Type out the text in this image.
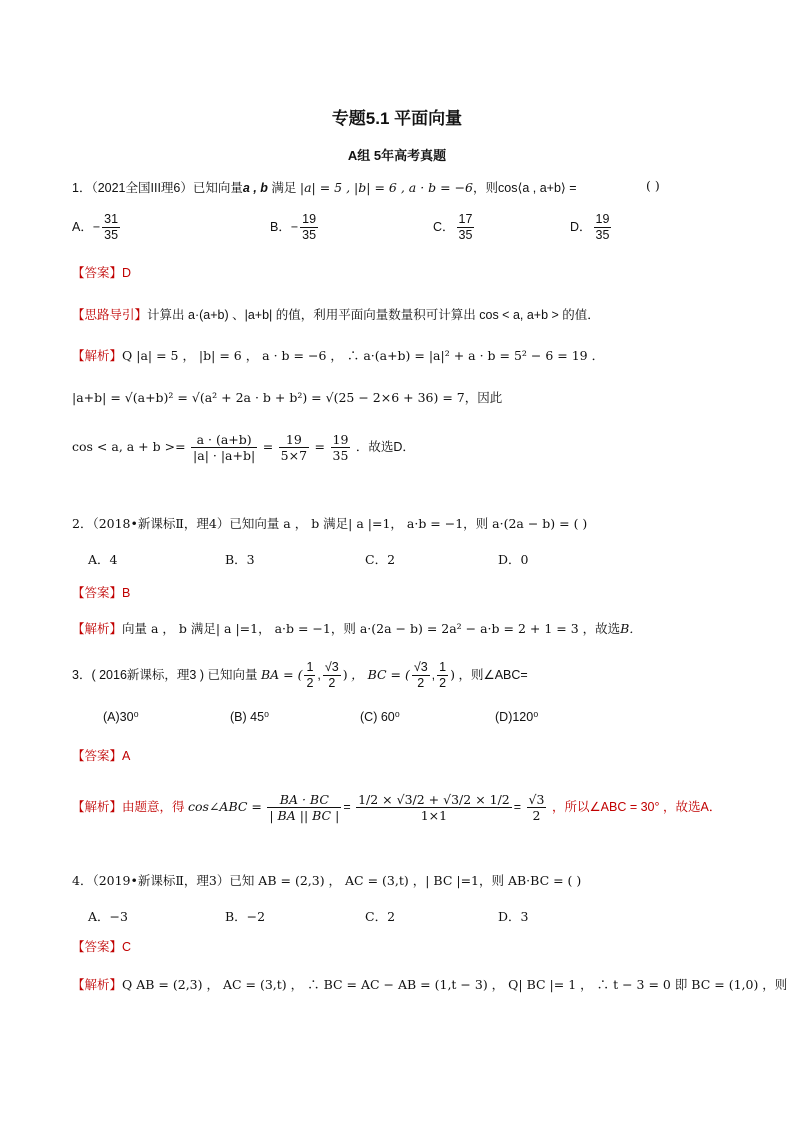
专题5.1 平面向量
A组 5年高考真题
1．（2021全国III理6）已知向量a , b 满足 |a| = 5 , |b| = 6 , a · b = −6，则cos⟨a , a+b⟩ =	( )
A．− $\frac{31}{35}$	B．− $\frac{19}{35}$	C． $\frac{17}{35}$	D． $\frac{19}{35}$
【答案】D
【思路导引】计算出 a·(a+b) 、|a+b| 的值，利用平面向量数量积可计算出 cos < a, a+b > 的值．
【解析】Q |a| = 5 ， |b| = 6 ， a · b = −6 ， ∴ a·(a+b) = |a|² + a · b = 5² − 6 = 19 ．
|a+b| = √(a+b)² = √(a² + 2a · b + b²) = √(25 − 2×6 + 36) = 7，因此
cos < a, $a + b >= \frac{a \cdot (a+b)}{|a| \cdot |a+b|} = \frac{19}{5\times 7} = \frac{19}{35}$ ．故选D．
2．（2018•新课标Ⅱ，理4）已知向量 a ， b 满足| a |=1， a·b = −1，则 a·(2a − b) = ( )
A．4	B．3	C．2	D．0
【答案】B
【解析】向量 a ， b 满足| a |=1， a·b = −1，则 a·(2a − b) = 2a² − a·b = 2 + 1 = 3 ，故选B．
3．( 2016新课标，理3 ) 已知向量 BA = ( $\frac{1}{2}$ , $\frac{√3}{2}$ ) ， BC = ( $\frac{√3}{2}$ , $\frac{1}{2}$ ) ，则∠ABC=
(A)30⁰	(B) 45⁰	(C) 60⁰	(D)120⁰
【答案】A
【解析】由题意，得 cos∠ABC = $\frac{BA \cdot BC}{| BA || BC |} = \frac{1/2 \times √3/2 + √3/2 \times 1/2}{1\times 1} = \frac{√3}{2}$ ，所以∠ABC = 30° ，故选A．
4．（2019•新课标Ⅱ，理3）已知 AB = (2,3) ， AC = (3,t) ，| BC |=1，则 AB·BC = ( )
A．−3	B．−2	C．2	D．3
【答案】C
【解析】Q AB = (2,3) ， AC = (3,t) ， ∴ BC = AC − AB = (1,t − 3) ， Q| BC |= 1 ， ∴ t − 3 = 0 即 BC = (1,0) ，则
